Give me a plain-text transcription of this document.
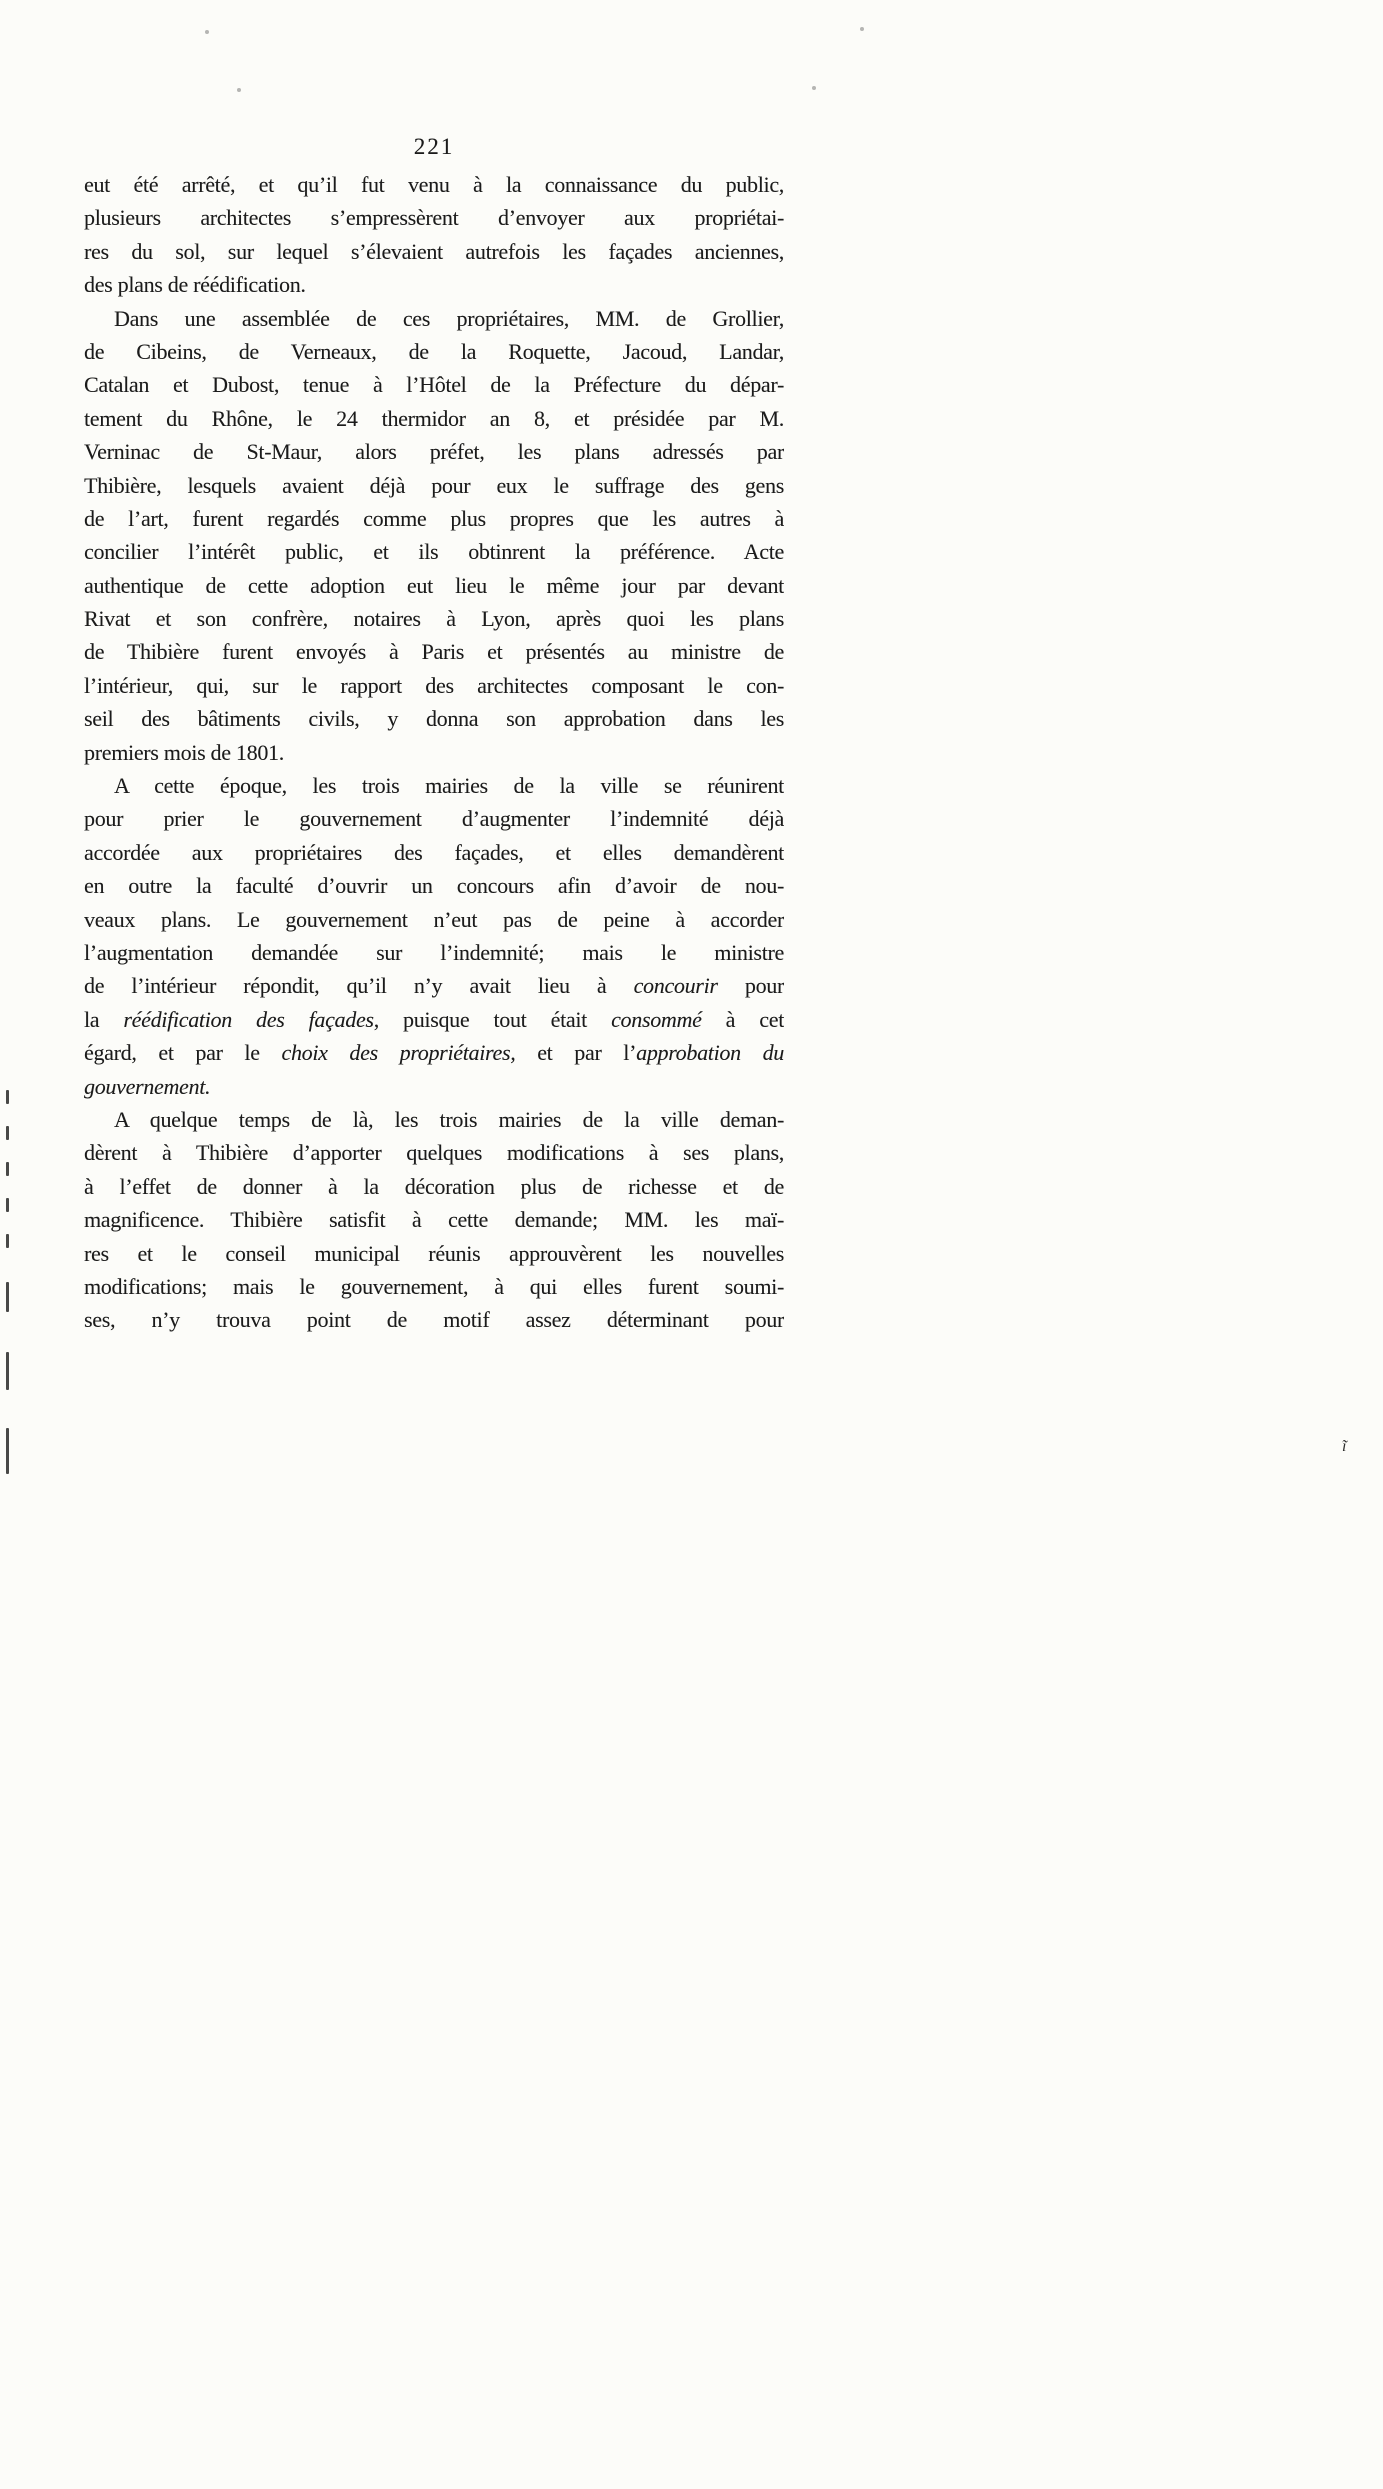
221
eut été arrêté, et qu’il fut venu à la connaissance du public,
plusieurs architectes s’empressèrent d’envoyer aux propriétai-
res du sol, sur lequel s’élevaient autrefois les façades anciennes,
des plans de réédification.
Dans une assemblée de ces propriétaires, MM. de Grollier,
de Cibeins, de Verneaux, de la Roquette, Jacoud, Landar,
Catalan et Dubost, tenue à l’Hôtel de la Préfecture du dépar-
tement du Rhône, le 24 thermidor an 8, et présidée par M.
Verninac de St-Maur, alors préfet, les plans adressés par
Thibière, lesquels avaient déjà pour eux le suffrage des gens
de l’art, furent regardés comme plus propres que les autres à
concilier l’intérêt public, et ils obtinrent la préférence. Acte
authentique de cette adoption eut lieu le même jour par devant
Rivat et son confrère, notaires à Lyon, après quoi les plans
de Thibière furent envoyés à Paris et présentés au ministre de
l’intérieur, qui, sur le rapport des architectes composant le con-
seil des bâtiments civils, y donna son approbation dans les
premiers mois de 1801.
A cette époque, les trois mairies de la ville se réunirent
pour prier le gouvernement d’augmenter l’indemnité déjà
accordée aux propriétaires des façades, et elles demandèrent
en outre la faculté d’ouvrir un concours afin d’avoir de nou-
veaux plans. Le gouvernement n’eut pas de peine à accorder
l’augmentation demandée sur l’indemnité; mais le ministre
de l’intérieur répondit, qu’il n’y avait lieu à concourir pour
la réédification des façades, puisque tout était consommé à cet
égard, et par le choix des propriétaires, et par l’approbation du
gouvernement.
A quelque temps de là, les trois mairies de la ville deman-
dèrent à Thibière d’apporter quelques modifications à ses plans,
à l’effet de donner à la décoration plus de richesse et de
magnificence. Thibière satisfit à cette demande; MM. les maï-
res et le conseil municipal réunis approuvèrent les nouvelles
modifications; mais le gouvernement, à qui elles furent soumi-
ses, n’y trouva point de motif assez déterminant pour
ĩ
